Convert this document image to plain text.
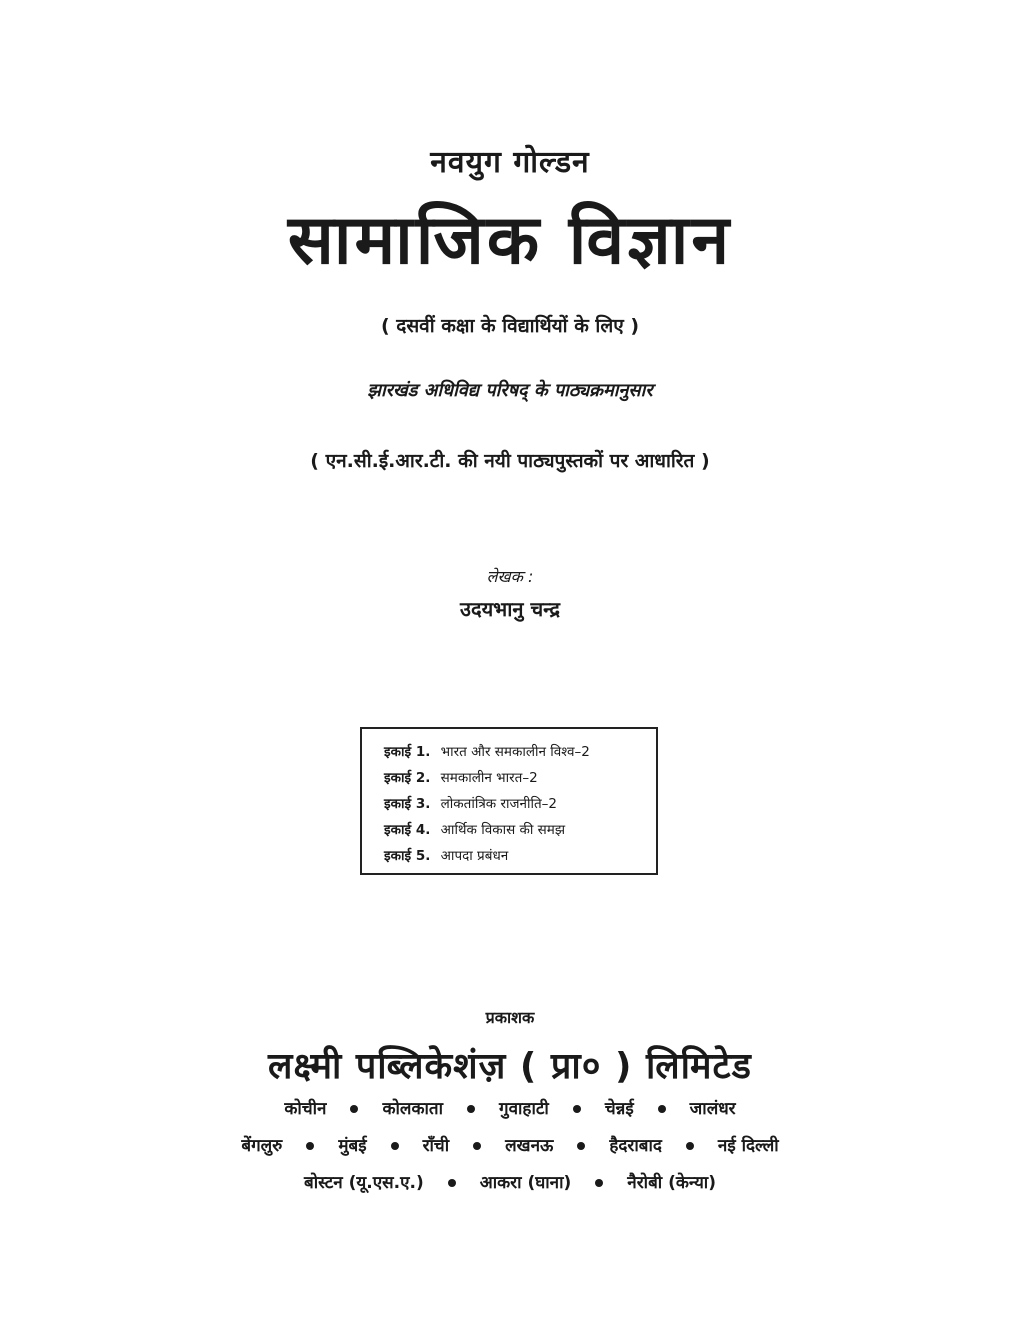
नवयुग गोल्डन
सामाजिक विज्ञान
( दसवीं कक्षा के विद्यार्थियों के लिए )
झारखंड अधिविद्य परिषद् के पाठ्यक्रमानुसार
( एन.सी.ई.आर.टी. की नयी पाठ्यपुस्तकों पर आधारित )
लेखक :
उदयभानु चन्द्र
इकाई 1. भारत और समकालीन विश्व–2
इकाई 2. समकालीन भारत–2
इकाई 3. लोकतांत्रिक राजनीति–2
इकाई 4. आर्थिक विकास की समझ
इकाई 5. आपदा प्रबंधन
प्रकाशक
लक्ष्मी पब्लिकेशंज़ ( प्रा० ) लिमिटेड
कोचीन	कोलकाता	गुवाहाटी	चेन्नई	जालंधर
बेंगलुरु	मुंबई	राँची	लखनऊ	हैदराबाद	नई दिल्ली
बोस्टन (यू.एस.ए.)	आकरा (घाना)	नैरोबी (केन्या)
